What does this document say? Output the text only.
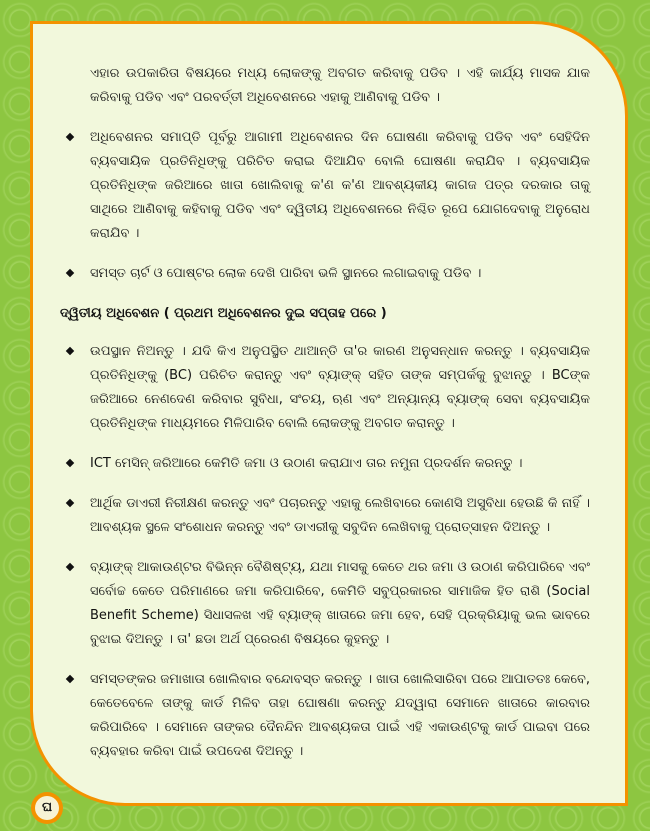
ଏହାର ଉପକାରିତା ବିଷୟରେ ମଧ୍ୟ ଲୋକଙ୍କୁ ଅବଗତ କରିବାକୁ ପଡିବ । ଏହି କାର୍ଯ୍ୟ ମାସକ ଯାକ କରିବାକୁ ପଡିବ ଏବଂ ପରବର୍ତ୍ତୀ ଅଧିବେଶନରେ ଏହାକୁ ଆଣିବାକୁ ପଡିବ ।

ଅଧିବେଶନର ସମାପ୍ତି ପୂର୍ବରୁ ଆଗାମୀ ଅଧିବେଶନର ଦିନ ଘୋଷଣା କରିବାକୁ ପଡିବ ଏବଂ ସେହିଦିନ ବ୍ୟବସାୟିକ ପ୍ରତିନିଧିଙ୍କୁ ପରିଚିତ କରାଇ ଦିଆଯିବ ବୋଲି ଘୋଷଣା କରାଯିବ । ବ୍ୟବସାୟିକ ପ୍ରତିନିଧିଙ୍କ ଜରିଆରେ ଖାତା ଖୋଲିବାକୁ କ'ଣ କ'ଣ ଆବଶ୍ୟକୀୟ କାଗଜ ପତ୍ର ଦରକାର ତାକୁ ସାଥିରେ ଆଣିବାକୁ କହିବାକୁ ପଡିବ ଏବଂ ଦ୍ୱିତୀୟ ଅଧିବେଶନରେ ନିଶ୍ଚିତ ରୂପେ ଯୋଗଦେବାକୁ ଅନୁରୋଧ କରାଯିବ ।
ସମସ୍ତ ଚାର୍ଟ ଓ ପୋଷ୍ଟର ଲୋକ ଦେଖି ପାରିବା ଭଳି ସ୍ଥାନରେ ଲଗାଇବାକୁ ପଡିବ ।

ଦ୍ୱିତୀୟ ଅଧିବେଶନ ( ପ୍ରଥମ ଅଧିବେଶନର ଦୁଇ ସପ୍ତାହ ପରେ )

ଉପସ୍ଥାନ ନିଅନ୍ତୁ । ଯଦି କିଏ ଅନୁପସ୍ଥିତ ଥାଆନ୍ତି ତା'ର କାରଣ ଅନୁସନ୍ଧାନ କରନ୍ତୁ । ବ୍ୟବସାୟିକ ପ୍ରତିନିଧିଙ୍କୁ (BC) ପରିଚିତ କରାନ୍ତୁ ଏବଂ ବ୍ୟାଙ୍କ୍ ସହିତ ତାଙ୍କ ସମ୍ପର୍କକୁ ବୁଝାନ୍ତୁ । BCଙ୍କ ଜରିଆରେ ନେଣଦେଣ କରିବାର ସୁବିଧା, ସଂଚୟ, ଋଣ ଏବଂ ଅନ୍ୟାନ୍ୟ ବ୍ୟାଙ୍କ୍ ସେବା ବ୍ୟବସାୟିକ ପ୍ରତିନିଧିଙ୍କ ମାଧ୍ୟମରେ ମିଳିପାରିବ ବୋଲି ଲୋକଙ୍କୁ ଅବଗତ କରାନ୍ତୁ ।
ICT ମେସିନ୍ ଜରିଆରେ କେମିତି ଜମା ଓ ଉଠାଣ କରାଯାଏ ତାର ନମୁନା ପ୍ରଦର୍ଶନ କରନ୍ତୁ ।
ଆର୍ଥିକ ଡାଏରୀ ନିରୀକ୍ଷଣ କରନ୍ତୁ ଏବଂ ପଚାରନ୍ତୁ ଏହାକୁ ଲେଖିବାରେ କୋଣସି ଅସୁବିଧା ହେଉଛି କି ନାହିଁ । ଆବଶ୍ୟକ ସ୍ଥଳେ ସଂଶୋଧନ କରନ୍ତୁ ଏବଂ ଡାଏରୀକୁ ସବୁଦିନ ଲେଖିବାକୁ ପ୍ରୋତ୍ସାହନ ଦିଅନ୍ତୁ ।
ବ୍ୟାଙ୍କ୍ ଆକାଉଣ୍ଟର ବିଭିନ୍ନ ବୈଶିଷ୍ଟ୍ୟ, ଯଥା ମାସକୁ କେତେ ଥର ଜମା ଓ ଉଠାଣ କରିପାରିବେ ଏବଂ ସର୍ବୋଚ୍ଚ କେତେ ପରିମାଣରେ ଜମା କରିପାରିବେ, କେମିତି ସବୁପ୍ରକାରର ସାମାଜିକ ହିତ ରାଶି (Social Benefit Scheme) ସିଧାସଳଖ ଏହି ବ୍ୟାଙ୍କ୍ ଖାତାରେ ଜମା ହେବ, ସେହି ପ୍ରକ୍ରିୟାକୁ ଭଲ ଭାବରେ ବୁଝାଇ ଦିଅନ୍ତୁ । ତା' ଛଡା ଅର୍ଥ ପ୍ରେରଣ ବିଷୟରେ କୁହନ୍ତୁ ।
ସମସ୍ତଙ୍କର ଜମାଖାତା ଖୋଲିବାର ବନ୍ଦୋବସ୍ତ କରନ୍ତୁ । ଖାତା ଖୋଲିସାରିବା ପରେ ଆପାତତଃ କେବେ, କେତେବେଳେ ତାଙ୍କୁ କାର୍ଡ ମିଳିବ ତାହା ଘୋଷଣା କରନ୍ତୁ ଯଦ୍ୱାରା ସେମାନେ ଖାତାରେ କାରବାର କରିପାରିବେ । ସେମାନେ ତାଙ୍କର ଦୈନନ୍ଦିନ ଆବଶ୍ୟକତା ପାଇଁ ଏହି ଏକାଉଣ୍ଟକୁ କାର୍ଡ ପାଇବା ପରେ ବ୍ୟବହାର କରିବା ପାଇଁ ଉପଦେଶ ଦିଅନ୍ତୁ ।
ଘ
